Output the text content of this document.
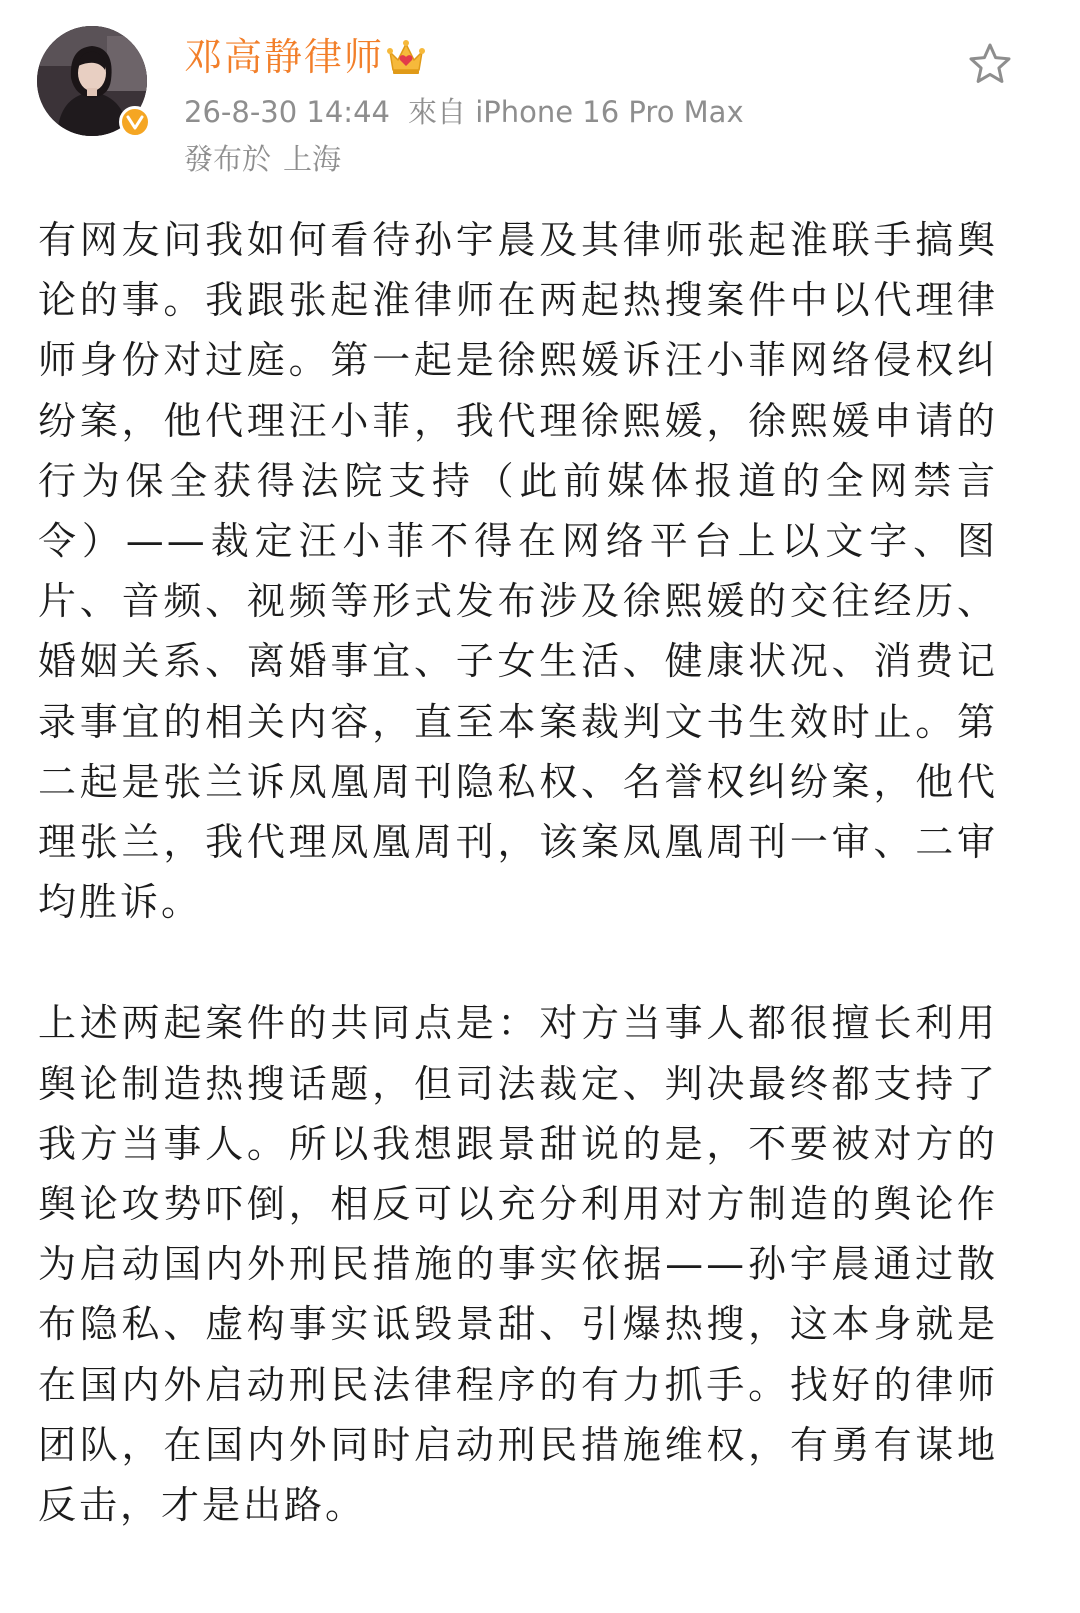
邓高静律师
26-8-30 14:44 來自 iPhone 16 Pro Max
發布於 上海

有网友问我如何看待孙宇晨及其律师张起淮联手搞舆论的事。我跟张起淮律师在两起热搜案件中以代理律师身份对过庭。第一起是徐熙媛诉汪小菲网络侵权纠纷案，他代理汪小菲，我代理徐熙媛，徐熙媛申请的行为保全获得法院支持（此前媒体报道的全网禁言令）——裁定汪小菲不得在网络平台上以文字、图片、音频、视频等形式发布涉及徐熙媛的交往经历、婚姻关系、离婚事宜、子女生活、健康状况、消费记录事宜的相关内容，直至本案裁判文书生效时止。第二起是张兰诉凤凰周刊隐私权、名誉权纠纷案，他代理张兰，我代理凤凰周刊，该案凤凰周刊一审、二审均胜诉。

上述两起案件的共同点是：对方当事人都很擅长利用舆论制造热搜话题，但司法裁定、判决最终都支持了我方当事人。所以我想跟景甜说的是，不要被对方的舆论攻势吓倒，相反可以充分利用对方制造的舆论作为启动国内外刑民措施的事实依据——孙宇晨通过散布隐私、虚构事实诋毁景甜、引爆热搜，这本身就是在国内外启动刑民法律程序的有力抓手。找好的律师团队，在国内外同时启动刑民措施维权，有勇有谋地反击，才是出路。
